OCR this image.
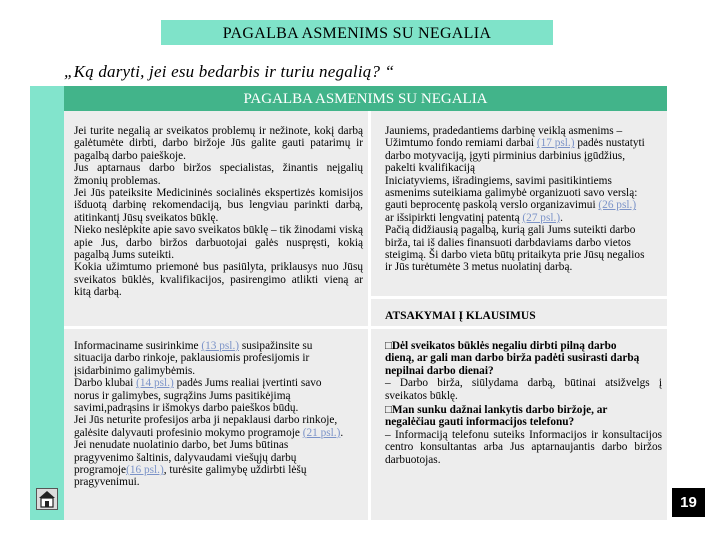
PAGALBA ASMENIMS SU NEGALIA
„Ką daryti, jei esu bedarbis ir turiu negalią? “
PAGALBA ASMENIMS SU NEGALIA
Jei turite negalią ar sveikatos problemų ir nežinote, kokį darbą galėtumėte dirbti, darbo biržoje Jūs galite gauti patarimų ir pagalbą darbo paieškoje.
Jus aptarnaus darbo biržos specialistas, žinantis neįgalių žmonių problemas.
Jei Jūs pateiksite Medicininės socialinės ekspertizės komisijos išduotą darbinę rekomendaciją, bus lengviau parinkti darbą, atitinkantį Jūsų sveikatos būklę.
Nieko neslėpkite apie savo sveikatos būklę – tik žinodami viską apie Jus, darbo biržos darbuotojai galės nuspręsti, kokią pagalbą Jums suteikti.
Kokia užimtumo priemonė bus pasiūlyta, priklausys nuo Jūsų sveikatos būklės, kvalifikacijos, pasirengimo atlikti vieną ar kitą darbą.
Informaciname susirinkime (13 psl.) susipažinsite su
situacija darbo rinkoje, paklausiomis profesijomis ir
įsidarbinimo galimybėmis.
Darbo klubai (14 psl.) padės Jums realiai įvertinti savo
norus ir galimybes, sugrąžins Jums pasitikėjimą
savimi,padrąsins ir išmokys darbo paieškos būdų.
Jei Jūs neturite profesijos arba ji nepaklausi darbo rinkoje,
galėsite dalyvauti profesinio mokymo programoje (21 psl.).
Jei nenudate nuolatinio darbo, bet Jums būtinas
pragyvenimo šaltinis, dalyvaudami viešųjų darbų
programoje(16 psl.), turėsite galimybę uždirbti lėšų
pragyvenimui.
Jauniems, pradedantiems darbinę veiklą asmenims –
Užimtumo fondo remiami darbai (17 psl.) padės nustatyti
darbo motyvaciją, įgyti pirminius darbinius įgūdžius,
pakelti kvalifikaciją
Iniciatyviems, išradingiems, savimi pasitikintiems
asmenims suteikiama galimybė organizuoti savo verslą:
gauti beprocentę paskolą verslo organizavimui (26 psl.)
ar išsipirkti lengvatinį patentą (27 psl.).
Pačią didžiausią pagalbą, kurią gali Jums suteikti darbo
birža, tai iš dalies finansuoti darbdaviams darbo vietos
steigimą. Ši darbo vieta būtų pritaikyta prie Jūsų negalios
ir Jūs turėtumėte 3 metus nuolatinį darbą.
ATSAKYMAI Į KLAUSIMUS
□Dėl sveikatos būklės negaliu dirbti pilną darbo
dieną, ar gali man darbo birža padėti susirasti darbą
nepilnai darbo dienai?
– Darbo birža, siūlydama darbą, būtinai atsižvelgs į sveikatos būklę.
□Man sunku dažnai lankytis darbo biržoje, ar
negalėčiau gauti informacijos telefonu?
– Informaciją telefonu suteiks Informacijos ir konsultacijos centro konsultantas arba Jus aptarnaujantis darbo biržos darbuotojas.
19
